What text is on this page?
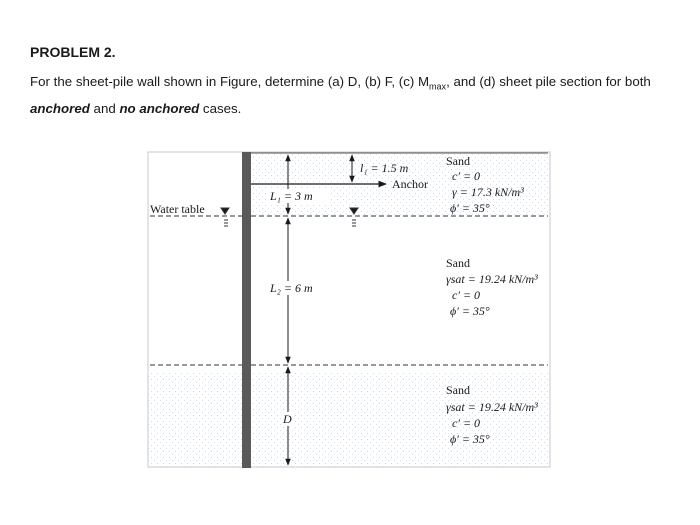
PROBLEM 2.
For the sheet-pile wall shown in Figure, determine (a) D, (b) F, (c) $M_{max}$, and (d) sheet pile section for both anchored and no anchored cases.
Water table
l₁ = 1.5 m
Anchor
L₁ = 3 m
L₂ = 6 m
D
Sand
c′ = 0
γ = 17.3 kN/m³
ϕ′ = 35°
Sand
γsat = 19.24 kN/m³
c′ = 0
ϕ′ = 35°
Sand
γsat = 19.24 kN/m³
c′ = 0
ϕ′ = 35°
